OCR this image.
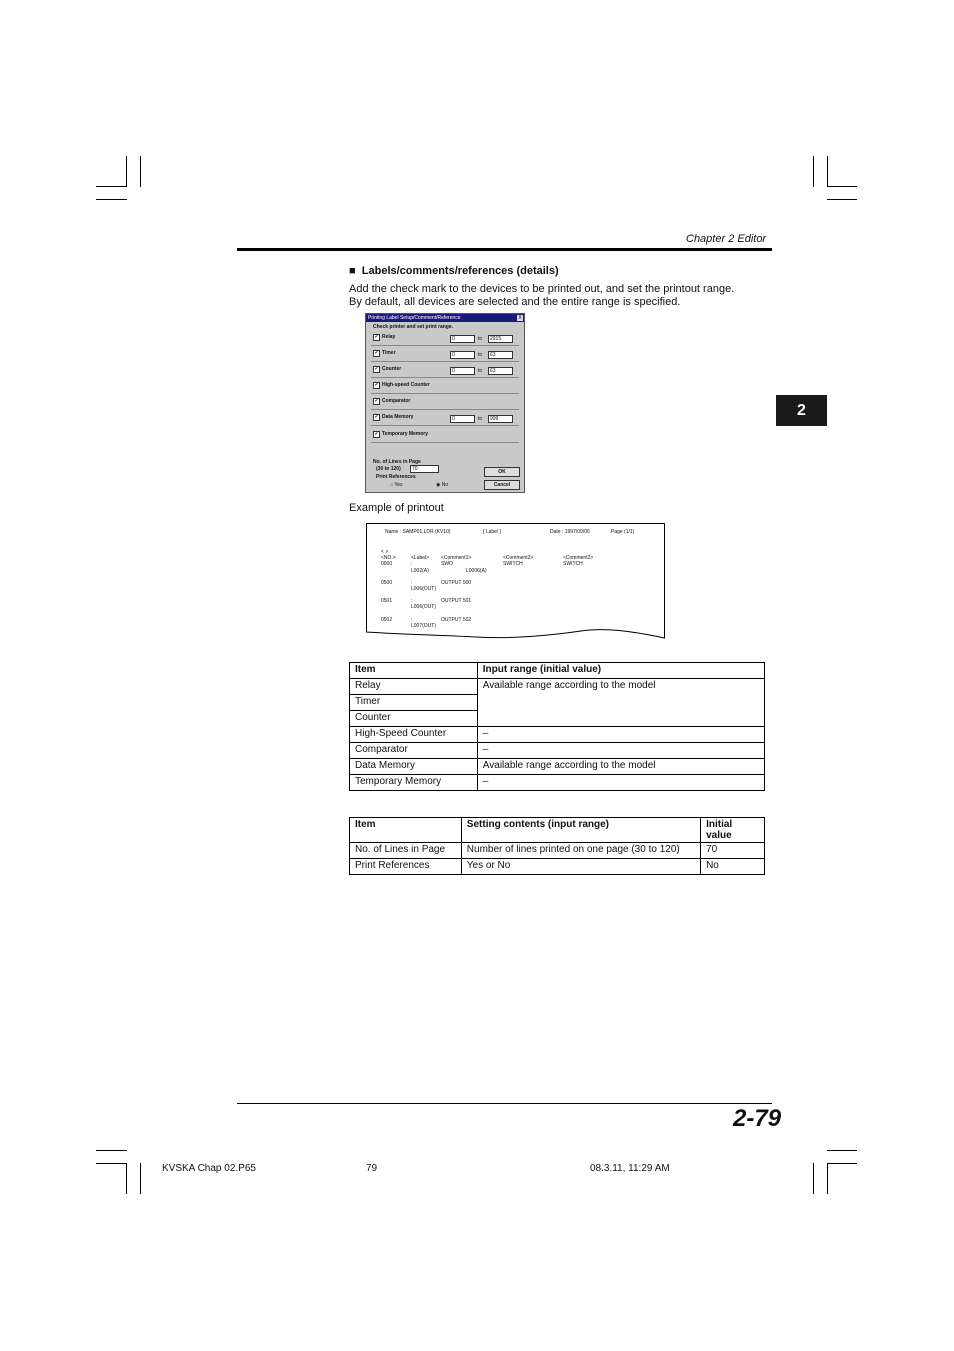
Chapter 2 Editor
2
■ Labels/comments/references (details)
Add the check mark to the devices to be printed out, and set the printout range.
By default, all devices are selected and the entire range is specified.
Printing Label Setup/Comment/Reference	X
Check printer and set print range.
✓ Relay	0	to	2915
✓ Timer	0	to	63
✓ Counter	0	to	63
✓ High-speed Counter
✓ Comparator
✓ Data Memory	0	to	999
✓ Temporary Memory
No. of Lines in Page
(30 to 120)	70
Print References
○ Yes	◉ No
OK
Cancel
Example of printout
Name : SAMP01.LDR (KV10)	[ Label ]	Date : 1997/09/06	Page (1/1)
< >
<NO.>	<Label> <Comment1>	<Comment2>	<Comment2>
0000	:	SWO	SWITCH	SWITCH
L002(A)	L0006(A)
0500	:	OUTPUT 500
L006(OUT)
0501	:	OUTPUT 501
L006(OUT)
0502	:	OUTPUT 502
L007(OUT)
Item	Input range (initial value)
Relay	Available range according to the model
Timer	
Counter	
High-Speed Counter	–
Comparator	–
Data Memory	Available range according to the model
Temporary Memory	–
Item	Setting contents (input range)	Initial value
No. of Lines in Page	Number of lines printed on one page (30 to 120)	70
Print References	Yes or No	No
2-79
KVSKA Chap 02.P65	79	08.3.11, 11:29 AM
